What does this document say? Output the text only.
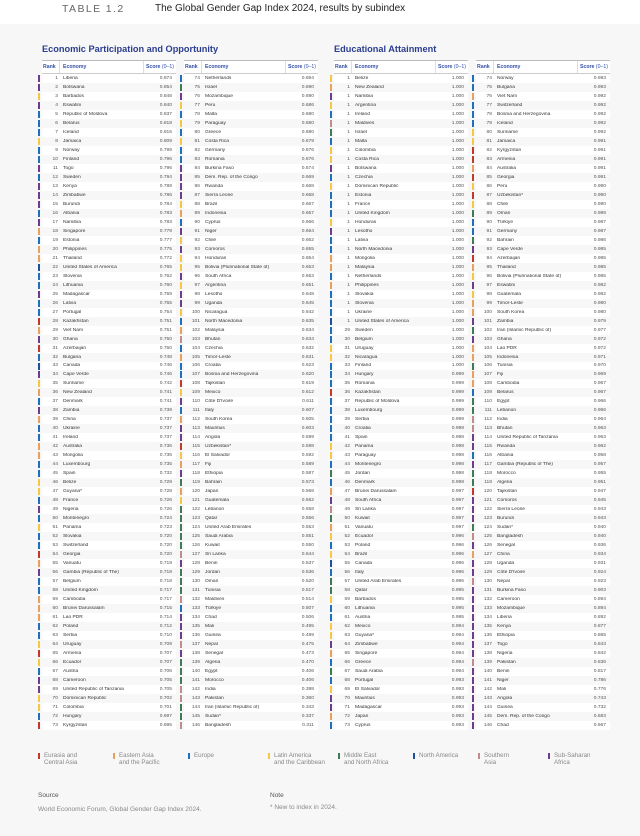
TABLE 1.2	The Global Gender Gap Index 2024, results by subindex
Economic Participation and Opportunity	Educational Attainment
Rank Economy	Score
(0–1)
1	Liberia	0.874
2	Botswana	0.854
3	Barbados	0.848
4	Eswatini	0.840
5	Republic of Moldova	0.837
6	Belarus	0.818
7	Iceland	0.815
8	Jamaica	0.809
9	Norway	0.799
10	Finland	0.796
11	Togo	0.796
12	Sweden	0.794
13	Kenya	0.789
14	Zimbabwe	0.786
15	Burundi	0.784
16	Albania	0.783
17	Namibia	0.783
18	Singapore	0.779
19	Estonia	0.777
20	Philippines	0.775
21	Thailand	0.772
22	United States of America	0.765
23	Slovenia	0.762
24	Lithuania	0.760
25	Madagascar	0.759
26	Latvia	0.755
27	Portugal	0.754
28	Kazakhstan	0.751
29	Viet Nam	0.751
30	Ghana	0.750
31	Azerbaijan	0.750
32	Bulgaria	0.748
33	Canada	0.746
34	Cape Verde	0.746
35	Suriname	0.742
36	New Zealand	0.741
37	Denmark	0.741
38	Zambia	0.739
39	China	0.737
40	Ukraine	0.737
41	Ireland	0.737
42	Australia	0.736
43	Mongolia	0.736
44	Luxembourg	0.735
45	Spain	0.732
46	Belize	0.729
47	Guyana*	0.728
48	France	0.726
49	Nigeria	0.726
50	Montenegro	0.724
51	Panama	0.723
52	Slovakia	0.720
53	Switzerland	0.720
54	Georgia	0.720
55	Vanuatu	0.719
56	Gambia (Republic of The)	0.718
57	Belgium	0.718
58	United Kingdom	0.717
59	Cambodia	0.717
60	Brunei Darussalam	0.715
61	Lao PDR	0.714
62	Poland	0.712
63	Serbia	0.710
64	Uruguay	0.709
65	Armenia	0.707
66	Ecuador	0.707
67	Austria	0.706
68	Cameroon	0.705
69	United Republic of Tanzania	0.705
70	Dominican Republic	0.702
71	Colombia	0.701
72	Hungary	0.697
73	Kyrgyzstan	0.695
Rank Economy	Score
(0–1)
74	Netherlands	0.694
75	Israel	0.690
76	Mozambique	0.690
77	Peru	0.686
78	Malta	0.680
79	Paraguay	0.680
80	Greece	0.680
81	Costa Rica	0.679
82	Germany	0.676
83	Romania	0.676
84	Burkina Faso	0.674
85	Dem. Rep. of the Congo	0.669
86	Rwanda	0.668
87	Sierra Leone	0.668
88	Brazil	0.667
89	Indonesia	0.667
90	Cyprus	0.666
91	Niger	0.664
92	Chile	0.662
93	Comoros	0.655
94	Honduras	0.654
95	Bolivia (Plurinational State of)	0.653
96	South Africa	0.653
97	Argentina	0.651
98	Lesotho	0.648
99	Uganda	0.645
100	Nicaragua	0.642
101	North Macedonia	0.635
102	Malaysia	0.634
103	Bhutan	0.634
104	Czechia	0.632
105	Timor-Leste	0.631
106	Croatia	0.623
107	Bosnia and Herzegovina	0.620
108	Tajikistan	0.619
109	Mexico	0.612
110	Côte D'Ivoire	0.611
111	Italy	0.607
112	South Korea	0.605
113	Mauritius	0.603
114	Angola	0.599
115	Uzbekistan*	0.598
116	El Salvador	0.592
117	Fiji	0.589
118	Ethiopia	0.587
119	Bahrain	0.573
120	Japan	0.568
121	Guatemala	0.562
122	Lebanon	0.558
123	Qatar	0.556
124	United Arab Emirates	0.553
125	Saudi Arabia	0.551
126	Kuwait	0.550
127	Sri Lanka	0.544
128	Benin	0.537
129	Jordan	0.536
130	Oman	0.520
131	Tunisia	0.517
132	Maldives	0.514
133	Türkiye	0.507
134	Chad	0.506
135	Mali	0.495
136	Guinea	0.489
137	Nepal	0.475
138	Senegal	0.473
139	Algeria	0.470
140	Egypt	0.406
141	Morocco	0.406
142	India	0.398
143	Pakistan	0.360
144	Iran (Islamic Republic of)	0.343
145	Sudan*	0.337
146	Bangladesh	0.311
Rank Economy	Score
(0–1)
1	Belize	1.000
1	New Zealand	1.000
1	Namibia	1.000
1	Argentina	1.000
1	Ireland	1.000
1	Maldives	1.000
1	Israel	1.000
1	Malta	1.000
1	Colombia	1.000
1	Costa Rica	1.000
1	Botswana	1.000
1	Czechia	1.000
1	Dominican Republic	1.000
1	Estonia	1.000
1	France	1.000
1	United Kingdom	1.000
1	Honduras	1.000
1	Lesotho	1.000
1	Latvia	1.000
1	North Macedonia	1.000
1	Mongolia	1.000
1	Malaysia	1.000
1	Netherlands	1.000
1	Philippines	1.000
1	Slovakia	1.000
1	Slovenia	1.000
1	Ukraine	1.000
1	United States of America	1.000
29	Sweden	1.000
30	Belgium	1.000
31	Uruguay	1.000
32	Nicaragua	1.000
33	Finland	1.000
34	Hungary	0.999
35	Romania	0.999
36	Kazakhstan	0.999
37	Republic of Moldova	0.999
38	Luxembourg	0.999
39	Serbia	0.999
40	Croatia	0.998
41	Spain	0.998
42	Panama	0.998
43	Paraguay	0.998
44	Montenegro	0.998
45	Jordan	0.998
46	Denmark	0.998
47	Brunei Darussalam	0.997
48	South Africa	0.997
49	Sri Lanka	0.997
50	Kuwait	0.997
51	Vanuatu	0.997
52	Ecuador	0.996
53	Poland	0.996
54	Brazil	0.996
55	Canada	0.996
56	Italy	0.996
57	United Arab Emirates	0.996
58	Qatar	0.995
59	Barbados	0.995
60	Lithuania	0.995
61	Austria	0.995
62	Mexico	0.994
63	Guyana*	0.994
64	Zimbabwe	0.994
65	Singapore	0.994
66	Greece	0.994
67	Saudi Arabia	0.994
68	Portugal	0.993
69	El Salvador	0.993
70	Mauritius	0.993
71	Madagascar	0.993
72	Japan	0.993
73	Cyprus	0.993
Rank Economy	Score
(0–1)
74	Norway	0.993
75	Bulgaria	0.993
76	Viet Nam	0.992
77	Switzerland	0.992
78	Bosnia and Herzegovina	0.992
79	Iceland	0.992
80	Suriname	0.992
81	Jamaica	0.991
82	Kyrgyzstan	0.991
83	Armenia	0.991
84	Australia	0.991
85	Georgia	0.991
86	Peru	0.990
87	Uzbekistan*	0.990
88	Chile	0.990
89	Oman	0.989
90	Türkiye	0.987
91	Germany	0.987
92	Bahrain	0.986
93	Cape Verde	0.985
94	Azerbaijan	0.985
95	Thailand	0.985
96	Bolivia (Plurinational State of)	0.985
97	Eswatini	0.982
98	Guatemala	0.982
99	Timor-Leste	0.980
100	South Korea	0.980
101	Zambia	0.979
102	Iran (Islamic Republic of)	0.977
103	Ghana	0.972
104	Lao PDR	0.972
105	Indonesia	0.971
106	Tunisia	0.970
107	Fiji	0.969
108	Cambodia	0.967
109	Belarus	0.967
110	Egypt	0.966
111	Lebanon	0.966
112	India	0.964
113	Bhutan	0.963
114	United Republic of Tanzania	0.963
115	Rwanda	0.962
116	Albania	0.958
117	Gambia (Republic of The)	0.957
118	Morocco	0.955
119	Algeria	0.951
120	Tajikistan	0.947
121	Comoros	0.945
122	Sierra Leone	0.943
123	Burundi	0.943
124	Sudan*	0.940
125	Bangladesh	0.940
126	Senegal	0.936
127	China	0.934
128	Uganda	0.931
129	Côte D'Ivoire	0.924
130	Nepal	0.923
131	Burkina Faso	0.903
132	Cameroon	0.894
133	Mozambique	0.894
134	Liberia	0.892
135	Kenya	0.877
136	Ethiopia	0.865
137	Togo	0.843
138	Nigeria	0.842
139	Pakistan	0.836
140	Benin	0.817
141	Niger	0.786
142	Mali	0.776
143	Angola	0.743
144	Guinea	0.732
145	Dem. Rep. of the Congo	0.683
146	Chad	0.667
Eurasia and
Central Asia
Eastern Asia
and the Pacific
Europe	Latin America
and the Caribbean
Middle East
and North Africa
North America	Southern
Asia
Sub-Saharan
Africa
Source
World Economic Forum, Global Gender Gap Index 2024.
Note
* New to index in 2024.
